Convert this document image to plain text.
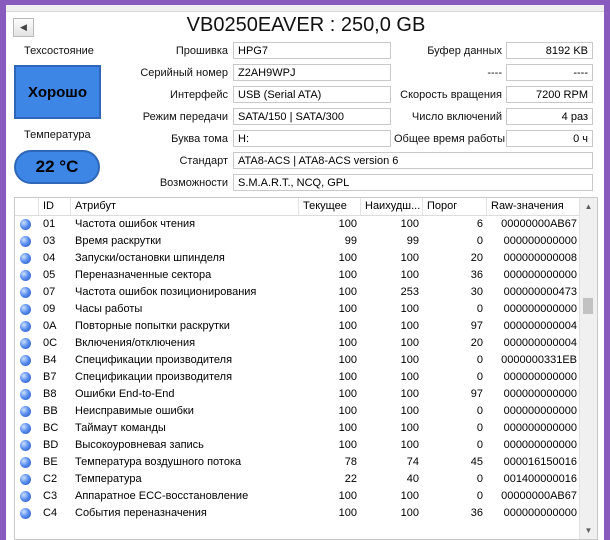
◀	VB0250EAVER : 250,0 GB
Техсостояние
Хорошо
Температура
22 °C
Прошивка HPG7
Серийный номер Z2AH9WPJ
Интерфейс USB (Serial ATA)
Режим передачи SATA/150 | SATA/300
Буква тома H:
Стандарт ATA8-ACS | ATA8-ACS version 6
Возможности S.M.A.R.T., NCQ, GPL
Буфер данных	8192 KB
----	----
Скорость вращения	7200 RPM
Число включений	4 раз
Общее время работы	0 ч
ID	Атрибут	Текущее	Наихудш... Порог	Raw-значения
01	Частота ошибок чтения	100	100	6	00000000AB67
03	Время раскрутки	99	99	0	000000000000
04	Запуски/остановки шпинделя	100	100	20	000000000008
05	Переназначенные сектора	100	100	36	000000000000
07	Частота ошибок позиционирования	100	253	30	000000000473
09	Часы работы	100	100	0	000000000000
0A	Повторные попытки раскрутки	100	100	97	000000000004
0C	Включения/отключения	100	100	20	000000000004
B4	Спецификации производителя	100	100	0	0000000331EB
B7	Спецификации производителя	100	100	0	000000000000
B8	Ошибки End-to-End	100	100	97	000000000000
BB	Неисправимые ошибки	100	100	0	000000000000
BC	Таймаут команды	100	100	0	000000000000
BD	Высокоуровневая запись	100	100	0	000000000000
BE	Температура воздушного потока	78	74	45	000016150016
C2	Температура	22	40	0	001400000016
C3	Аппаратное ECC-восстановление	100	100	0	00000000AB67
C4	События переназначения	100	100	36	000000000000
▲
▼
